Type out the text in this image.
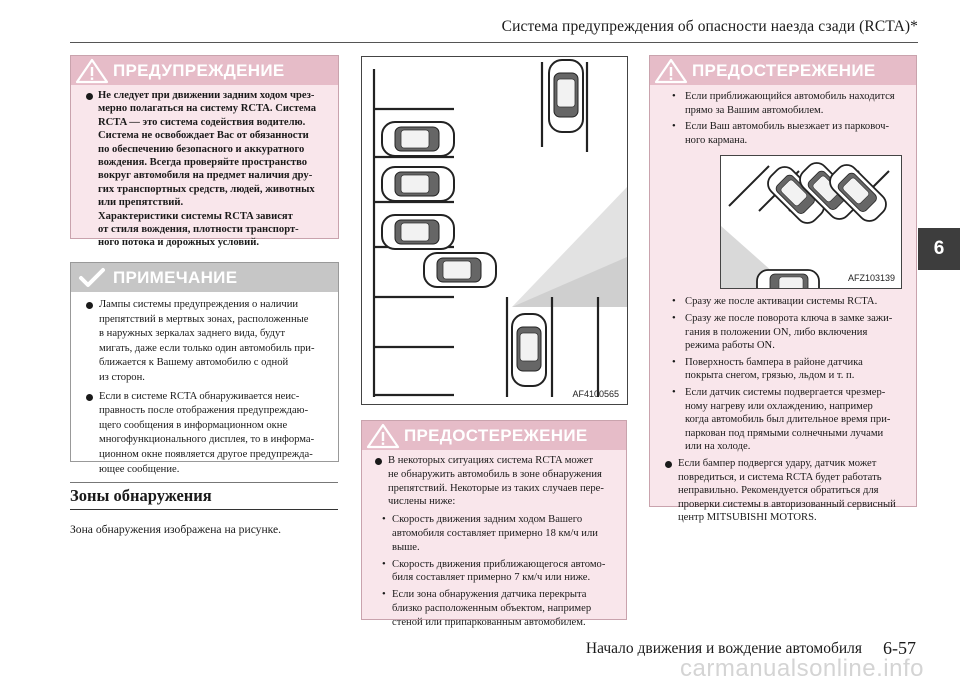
Система предупреждения об опасности наезда сзади (RCTA)*
6
ПРЕДУПРЕЖДЕНИЕ
Не следует при движении задним ходом чрез-
мерно полагаться на систему RCTA. Система
RCTA — это система содействия водителю.
Система не освобождает Вас от обязанности
по обеспечению безопасного и аккуратного
вождения. Всегда проверяйте пространство
вокруг автомобиля на предмет наличия дру-
гих транспортных средств, людей, животных
или препятствий.
Характеристики системы RCTA зависят
от стиля вождения, плотности транспорт-
ного потока и дорожных условий.
ПРИМЕЧАНИЕ
Лампы системы предупреждения о наличии
препятствий в мертвых зонах, расположенные
в наружных зеркалах заднего вида, будут
мигать, даже если только один автомобиль при-
ближается к Вашему автомобилю с одной
из сторон.
Если в системе RCTA обнаруживается неис-
правность после отображения предупреждаю-
щего сообщения в информационном окне
многофункционального дисплея, то в информа-
ционном окне появляется другое предупрежда-
ющее сообщение.
Зоны обнаружения
Зона обнаружения изображена на рисунке.
AF4100565
ПРЕДОСТЕРЕЖЕНИЕ
В некоторых ситуациях система RCTA может
не обнаружить автомобиль в зоне обнаружения
препятствий. Некоторые из таких случаев пере-
числены ниже:
• Скорость движения задним ходом Вашего
автомобиля составляет примерно 18 км/ч или
выше.
• Скорость движения приближающегося автомо-
биля составляет примерно 7 км/ч или ниже.
• Если зона обнаружения датчика перекрыта
близко расположенным объектом, например
стеной или припаркованным автомобилем.
ПРЕДОСТЕРЕЖЕНИЕ
• Если приближающийся автомобиль находится
прямо за Вашим автомобилем.
• Если Ваш автомобиль выезжает из парковоч-
ного кармана.
AFZ103139
• Сразу же после активации системы RCTA.
• Сразу же после поворота ключа в замке зажи-
гания в положении ON, либо включения
режима работы ON.
• Поверхность бампера в районе датчика
покрыта снегом, грязью, льдом и т. п.
• Если датчик системы подвергается чрезмер-
ному нагреву или охлаждению, например
когда автомобиль был длительное время при-
паркован под прямыми солнечными лучами
или на холоде.
Если бампер подвергся удару, датчик может
повредиться, и система RCTA будет работать
неправильно. Рекомендуется обратиться для
проверки системы в авторизованный сервисный
центр MITSUBISHI MOTORS.
Начало движения и вождение автомобиля 6-57
carmanualsonline.info
